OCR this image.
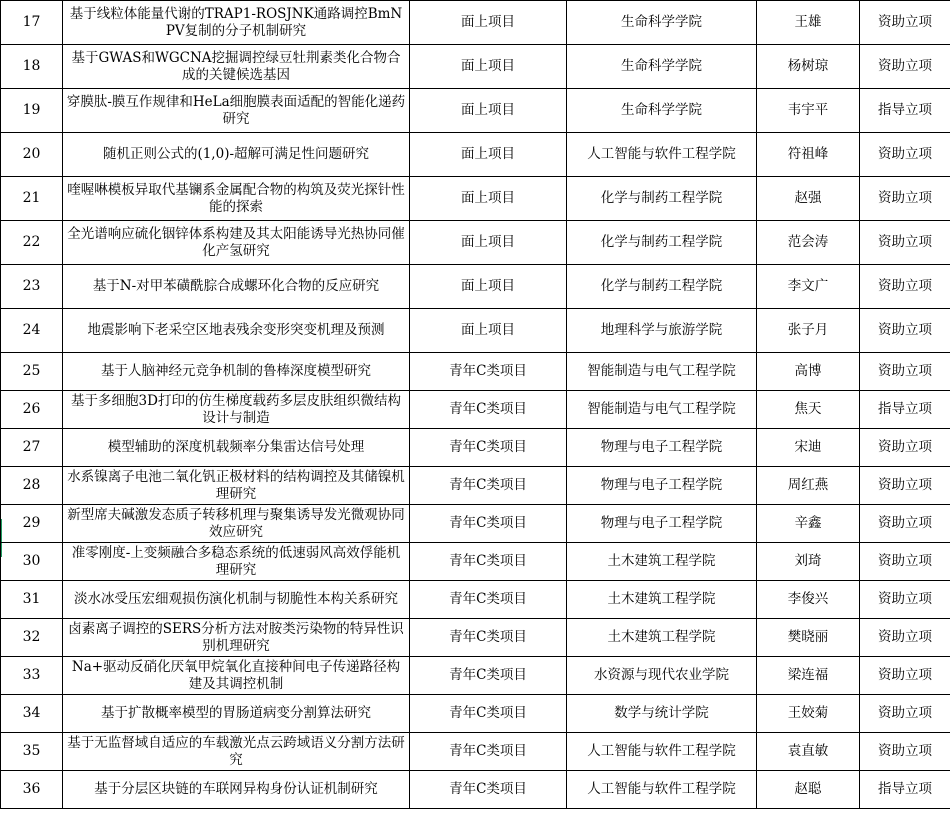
17	基于线粒体能量代谢的TRAP1-ROSJNK通路调控BmNPV复制的分子机制研究	面上项目	生命科学学院	王雄	资助立项
18	基于GWAS和WGCNA挖掘调控绿豆牡荆素类化合物合成的关键候选基因	面上项目	生命科学学院	杨树琼	资助立项
19	穿膜肽-膜互作规律和HeLa细胞膜表面适配的智能化递药研究	面上项目	生命科学学院	韦宇平	指导立项
20	随机正则公式的(1,0)-超解可满足性问题研究	面上项目	人工智能与软件工程学院	符祖峰	资助立项
21	喹喔啉模板异取代基镧系金属配合物的构筑及荧光探针性能的探索	面上项目	化学与制药工程学院	赵强	资助立项
22	全光谱响应硫化铟锌体系构建及其太阳能诱导光热协同催化产氢研究	面上项目	化学与制药工程学院	范会涛	资助立项
23	基于N-对甲苯磺酰腙合成螺环化合物的反应研究	面上项目	化学与制药工程学院	李文广	资助立项
24	地震影响下老采空区地表残余变形突变机理及预测	面上项目	地理科学与旅游学院	张子月	资助立项
25	基于人脑神经元竞争机制的鲁棒深度模型研究	青年C类项目	智能制造与电气工程学院	高博	资助立项
26	基于多细胞3D打印的仿生梯度载药多层皮肤组织微结构设计与制造	青年C类项目	智能制造与电气工程学院	焦天	指导立项
27	模型辅助的深度机载频率分集雷达信号处理	青年C类项目	物理与电子工程学院	宋迪	资助立项
28	水系镍离子电池二氧化钒正极材料的结构调控及其储镍机理研究	青年C类项目	物理与电子工程学院	周红燕	资助立项
29	新型席夫碱激发态质子转移机理与聚集诱导发光微观协同效应研究	青年C类项目	物理与电子工程学院	辛鑫	资助立项
30	准零刚度-上变频融合多稳态系统的低速弱风高效俘能机理研究	青年C类项目	土木建筑工程学院	刘琦	资助立项
31	淡水冰受压宏细观损伤演化机制与韧脆性本构关系研究	青年C类项目	土木建筑工程学院	李俊兴	资助立项
32	卤素离子调控的SERS分析方法对胺类污染物的特异性识别机理研究	青年C类项目	土木建筑工程学院	樊晓丽	资助立项
33	Na+驱动反硝化厌氧甲烷氧化直接种间电子传递路径构建及其调控机制	青年C类项目	水资源与现代农业学院	梁连福	资助立项
34	基于扩散概率模型的胃肠道病变分割算法研究	青年C类项目	数学与统计学院	王姣菊	资助立项
35	基于无监督域自适应的车载激光点云跨域语义分割方法研究	青年C类项目	人工智能与软件工程学院	袁直敏	资助立项
36	基于分层区块链的车联网异构身份认证机制研究	青年C类项目	人工智能与软件工程学院	赵聪	指导立项
